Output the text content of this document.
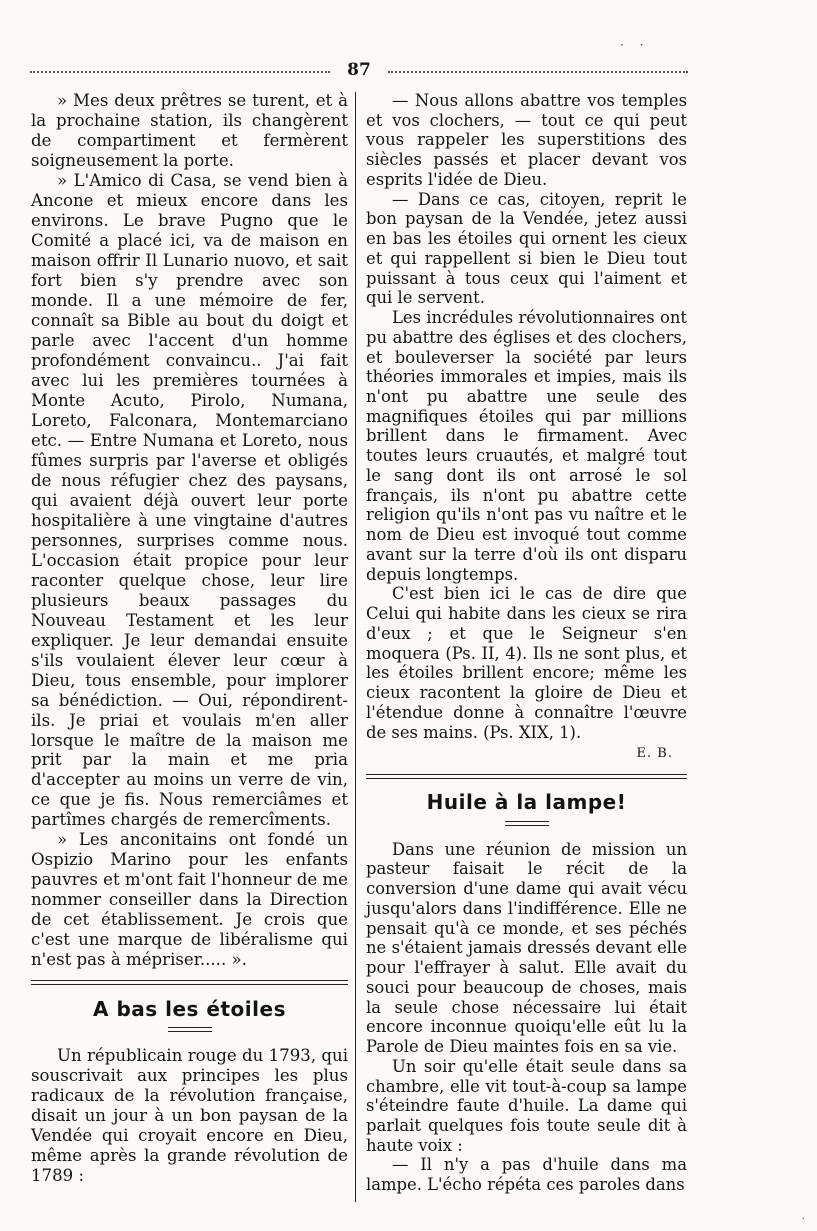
87
· ·

» Mes deux prêtres se turent, et à la prochaine station, ils changèrent de compartiment et fermèrent soigneusement la porte.

» L'Amico di Casa, se vend bien à Ancone et mieux encore dans les environs. Le brave Pugno que le Comité a placé ici, va de maison en maison offrir Il Lunario nuovo, et sait fort bien s'y prendre avec son monde. Il a une mémoire de fer, connaît sa Bible au bout du doigt et parle avec l'accent d'un homme profondément convaincu.. J'ai fait avec lui les premières tournées à Monte Acuto, Pirolo, Numana, Loreto, Falconara, Montemarciano etc. — Entre Numana et Loreto, nous fûmes surpris par l'averse et obligés de nous réfugier chez des paysans, qui avaient déjà ouvert leur porte hospitalière à une vingtaine d'autres personnes, surprises comme nous. L'occasion était propice pour leur raconter quelque chose, leur lire plusieurs beaux passages du Nouveau Testament et les leur expliquer. Je leur demandai ensuite s'ils voulaient élever leur cœur à Dieu, tous ensemble, pour implorer sa bénédiction. — Oui, répondirent-ils. Je priai et voulais m'en aller lorsque le maître de la maison me prit par la main et me pria d'accepter au moins un verre de vin, ce que je fis. Nous remerciâmes et partîmes chargés de remercîments.

» Les anconitains ont fondé un Ospizio Marino pour les enfants pauvres et m'ont fait l'honneur de me nommer conseiller dans la Direction de cet établissement. Je crois que c'est une marque de libéralisme qui n'est pas à mépriser..... ».

A bas les étoiles

Un républicain rouge du 1793, qui souscrivait aux principes les plus radicaux de la révolution française, disait un jour à un bon paysan de la Vendée qui croyait encore en Dieu, même après la grande révolution de 1789 :

— Nous allons abattre vos temples et vos clochers, — tout ce qui peut vous rappeler les superstitions des siècles passés et placer devant vos esprits l'idée de Dieu.

— Dans ce cas, citoyen, reprit le bon paysan de la Vendée, jetez aussi en bas les étoiles qui ornent les cieux et qui rappellent si bien le Dieu tout puissant à tous ceux qui l'aiment et qui le servent.

Les incrédules révolutionnaires ont pu abattre des églises et des clochers, et bouleverser la société par leurs théories immorales et impies, mais ils n'ont pu abattre une seule des magnifiques étoiles qui par millions brillent dans le firmament. Avec toutes leurs cruautés, et malgré tout le sang dont ils ont arrosé le sol français, ils n'ont pu abattre cette religion qu'ils n'ont pas vu naître et le nom de Dieu est invoqué tout comme avant sur la terre d'où ils ont disparu depuis longtemps.

C'est bien ici le cas de dire que Celui qui habite dans les cieux se rira d'eux ; et que le Seigneur s'en moquera (Ps. II, 4). Ils ne sont plus, et les étoiles brillent encore; même les cieux racontent la gloire de Dieu et l'étendue donne à connaître l'œuvre de ses mains. (Ps. XIX, 1).

E. B.
Huile à la lampe!

Dans une réunion de mission un pasteur faisait le récit de la conversion d'une dame qui avait vécu jusqu'alors dans l'indifférence. Elle ne pensait qu'à ce monde, et ses péchés ne s'étaient jamais dressés devant elle pour l'effrayer à salut. Elle avait du souci pour beaucoup de choses, mais la seule chose nécessaire lui était encore inconnue quoiqu'elle eût lu la Parole de Dieu maintes fois en sa vie.

Un soir qu'elle était seule dans sa chambre, elle vit tout-à-coup sa lampe s'éteindre faute d'huile. La dame qui parlait quelques fois toute seule dit à haute voix :

— Il n'y a pas d'huile dans ma lampe. L'écho répéta ces paroles dans

·
